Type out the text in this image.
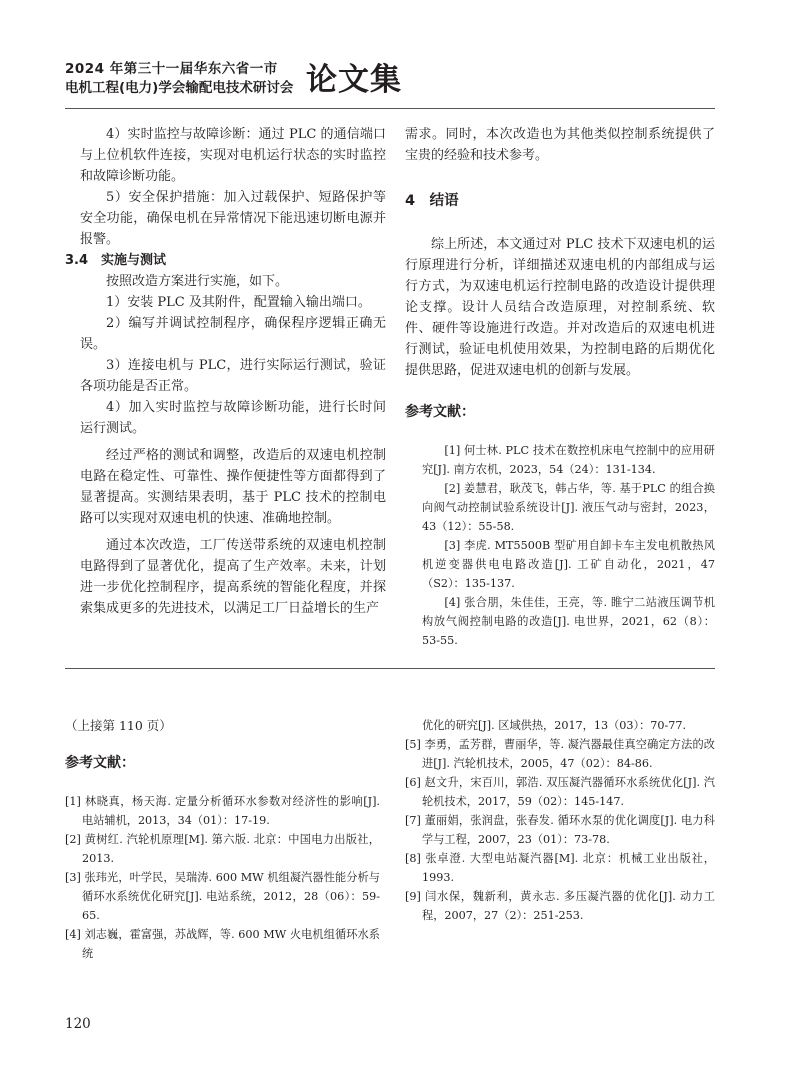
2024 年第三十一届华东六省一市
电机工程(电力)学会输配电技术研讨会 论文集

4）实时监控与故障诊断：通过 PLC 的通信端口与上位机软件连接，实现对电机运行状态的实时监控和故障诊断功能。

5）安全保护措施：加入过载保护、短路保护等安全功能，确保电机在异常情况下能迅速切断电源并报警。

3.4　实施与测试

按照改造方案进行实施，如下。

1）安装 PLC 及其附件，配置输入输出端口。

2）编写并调试控制程序，确保程序逻辑正确无误。

3）连接电机与 PLC，进行实际运行测试，验证各项功能是否正常。

4）加入实时监控与故障诊断功能，进行长时间运行测试。

经过严格的测试和调整，改造后的双速电机控制电路在稳定性、可靠性、操作便捷性等方面都得到了显著提高。实测结果表明，基于 PLC 技术的控制电路可以实现对双速电机的快速、准确地控制。

通过本次改造，工厂传送带系统的双速电机控制电路得到了显著优化，提高了生产效率。未来，计划进一步优化控制程序，提高系统的智能化程度，并探索集成更多的先进技术，以满足工厂日益增长的生产

需求。同时，本次改造也为其他类似控制系统提供了宝贵的经验和技术参考。

4　结语

综上所述，本文通过对 PLC 技术下双速电机的运行原理进行分析，详细描述双速电机的内部组成与运行方式，为双速电机运行控制电路的改造设计提供理论支撑。设计人员结合改造原理，对控制系统、软件、硬件等设施进行改造。并对改造后的双速电机进行测试，验证电机使用效果，为控制电路的后期优化提供思路，促进双速电机的创新与发展。

参考文献：

[1] 何士林. PLC 技术在数控机床电气控制中的应用研究[J]. 南方农机，2023，54（24）：131-134.

[2] 姜慧君，耿茂飞，韩占华，等. 基于PLC 的组合换向阀气动控制试验系统设计[J]. 液压气动与密封，2023，43（12）：55-58.

[3] 李虎. MT5500B 型矿用自卸卡车主发电机散热风机逆变器供电电路改造[J]. 工矿自动化，2021，47（S2）：135-137.

[4] 张合朋，朱佳佳，王亮，等. 睢宁二站液压调节机构放气阀控制电路的改造[J]. 电世界，2021，62（8）：53-55.

（上接第 110 页）
参考文献：

[1] 林晓真，杨天海. 定量分析循环水参数对经济性的影响[J]. 电站辅机，2013，34（01）：17-19.

[2] 黄树红. 汽轮机原理[M]. 第六版. 北京：中国电力出版社，2013.

[3] 张玮光，叶学民，吴瑞涛. 600 MW 机组凝汽器性能分析与循环水系统优化研究[J]. 电站系统，2012，28（06）：59-65.

[4] 刘志巍，霍富强，苏战辉，等. 600 MW 火电机组循环水系统

优化的研究[J]. 区域供热，2017，13（03）：70-77.

[5] 李勇，孟芳群，曹丽华，等. 凝汽器最佳真空确定方法的改进[J]. 汽轮机技术，2005，47（02）：84-86.

[6] 赵文升，宋百川，郭浩. 双压凝汽器循环水系统优化[J]. 汽轮机技术，2017，59（02）：145-147.

[7] 董丽娟，张润盘，张春发. 循环水泵的优化调度[J]. 电力科学与工程，2007，23（01）：73-78.

[8] 张卓澄. 大型电站凝汽器[M]. 北京：机械工业出版社，1993.

[9] 闫水保，魏新利，黄永志. 多压凝汽器的优化[J]. 动力工程，2007，27（2）：251-253.

120
